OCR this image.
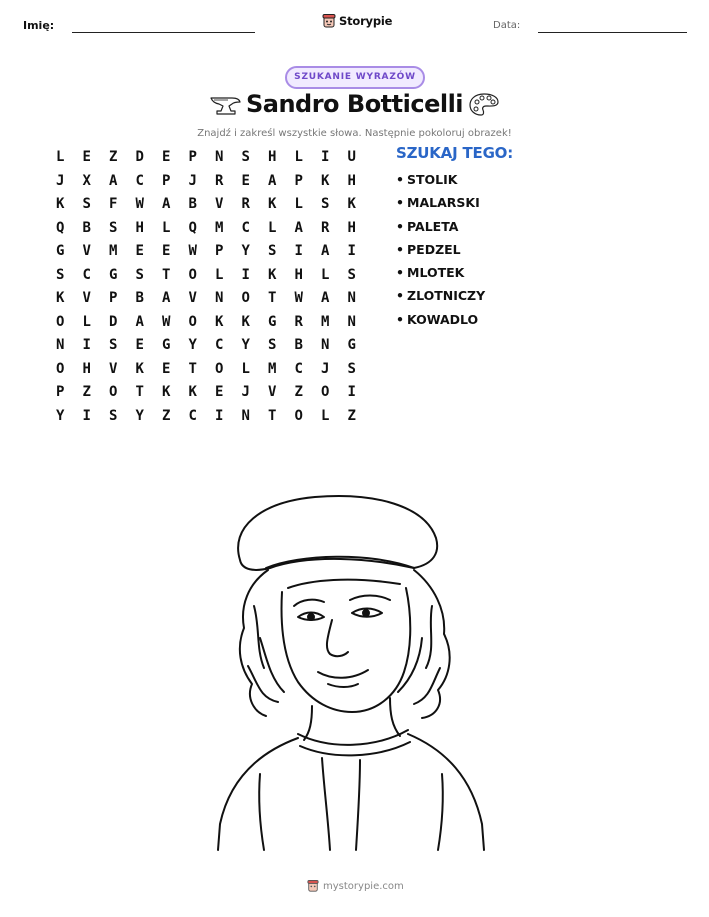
Imię:	Storypie	Data:
SZUKANIE WYRAZÓW
Sandro Botticelli
Znajdź i zakreśl wszystkie słowa. Następnie pokoloruj obrazek!
L	E	Z	D	E	P	N	S	H	L	I	U
J	X	A	C	P	J	R	E	A	P	K	H
K	S	F	W	A	B	V	R	K	L	S	K
Q	B	S	H	L	Q	M	C	L	A	R	H
G	V	M	E	E	W	P	Y	S	I	A	I
S	C	G	S	T	O	L	I	K	H	L	S
K	V	P	B	A	V	N	O	T	W	A	N
O	L	D	A	W	O	K	K	G	R	M	N
N	I	S	E	G	Y	C	Y	S	B	N	G
O	H	V	K	E	T	O	L	M	C	J	S
P	Z	O	T	K	K	E	J	V	Z	O	I
Y	I	S	Y	Z	C	I	N	T	O	L	Z
SZUKAJ TEGO:
• STOLIK
• MALARSKI
• PALETA
• PEDZEL
• MLOTEK
• ZLOTNICZY
• KOWADLO
mystorypie.com
